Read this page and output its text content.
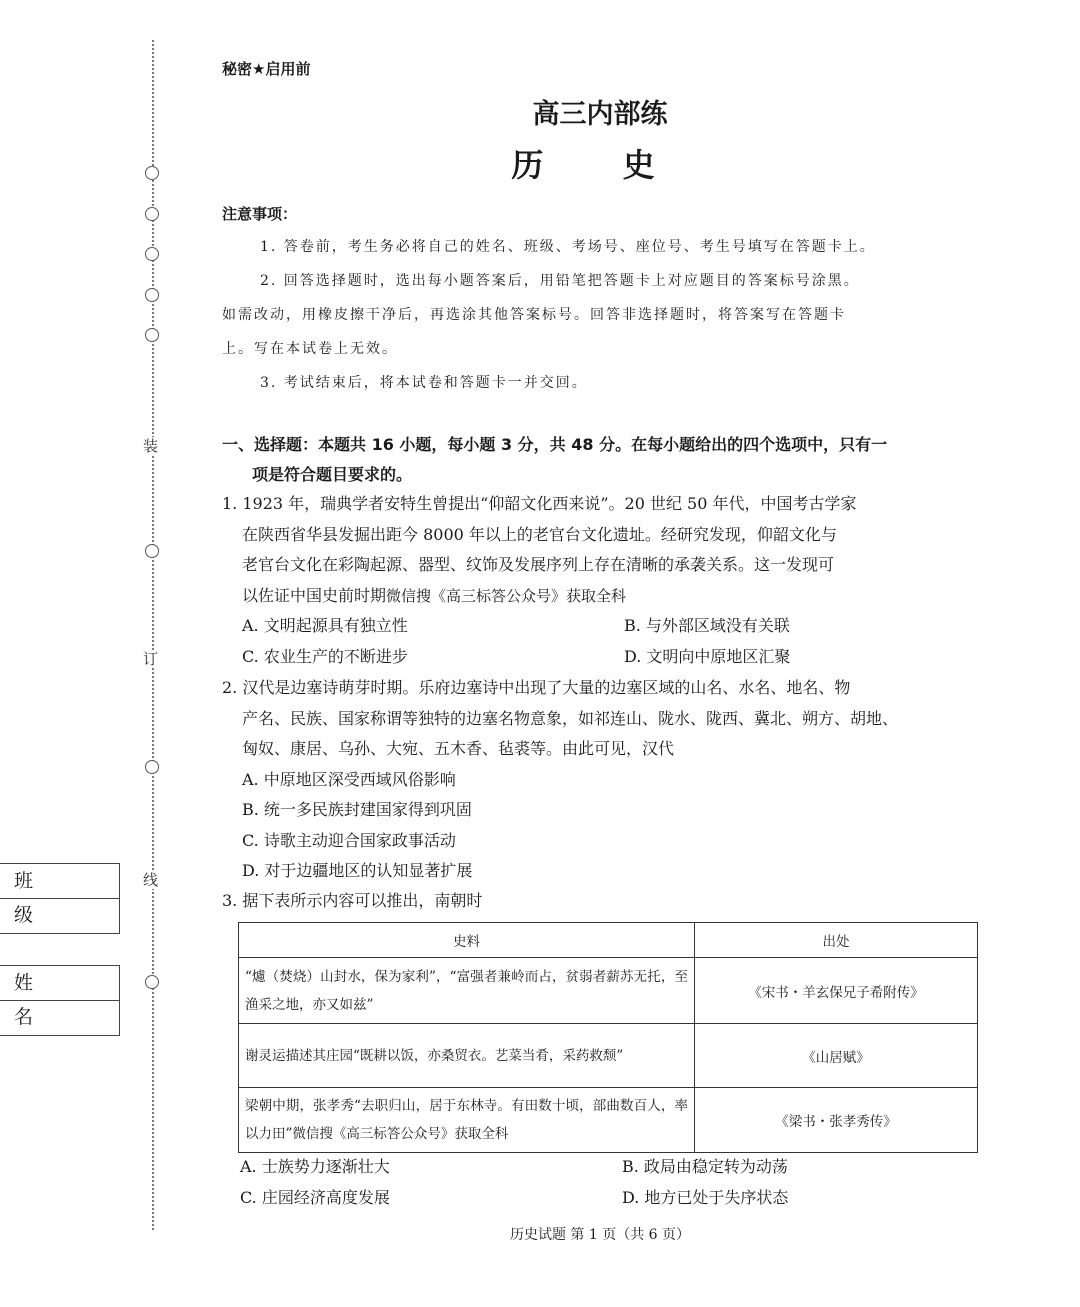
装
订
线
班 级
姓 名
秘密★启用前
高三内部练
历 史
注意事项：

1. 答卷前，考生务必将自己的姓名、班级、考场号、座位号、考生号填写在答题卡上。

2. 回答选择题时，选出每小题答案后，用铅笔把答题卡上对应题目的答案标号涂黑。

如需改动，用橡皮擦干净后，再选涂其他答案标号。回答非选择题时，将答案写在答题卡

上。写在本试卷上无效。

3. 考试结束后，将本试卷和答题卡一并交回。

一、选择题：本题共 16 小题，每小题 3 分，共 48 分。在每小题给出的四个选项中，只有一
项是符合题目要求的。
1. 1923 年，瑞典学者安特生曾提出“仰韶文化西来说”。20 世纪 50 年代，中国考古学家
在陕西省华县发掘出距今 8000 年以上的老官台文化遗址。经研究发现，仰韶文化与
老官台文化在彩陶起源、器型、纹饰及发展序列上存在清晰的承袭关系。这一发现可
以佐证中国史前时期微信搜《高三标答公众号》获取全科
A. 文明起源具有独立性	B. 与外部区域没有关联
C. 农业生产的不断进步	D. 文明向中原地区汇聚
2. 汉代是边塞诗萌芽时期。乐府边塞诗中出现了大量的边塞区域的山名、水名、地名、物
产名、民族、国家称谓等独特的边塞名物意象，如祁连山、陇水、陇西、冀北、朔方、胡地、
匈奴、康居、乌孙、大宛、五木香、毡裘等。由此可见，汉代
A. 中原地区深受西域风俗影响
B. 统一多民族封建国家得到巩固
C. 诗歌主动迎合国家政事活动
D. 对于边疆地区的认知显著扩展
3. 据下表所示内容可以推出，南朝时
史料	出处
“爈（焚烧）山封水，保为家利”，“富强者兼岭而占，贫弱者薪苏无托，至渔采之地，亦又如兹”	《宋书・羊玄保兄子希附传》
谢灵运描述其庄园“既耕以饭，亦桑贸衣。艺菜当肴，采药救颓”	《山居赋》
梁朝中期，张孝秀“去职归山，居于东林寺。有田数十顷，部曲数百人，率以力田”微信搜《高三标答公众号》获取全科	《梁书・张孝秀传》
A. 士族势力逐渐壮大	B. 政局由稳定转为动荡
C. 庄园经济高度发展	D. 地方已处于失序状态
历史试题 第 1 页（共 6 页）
